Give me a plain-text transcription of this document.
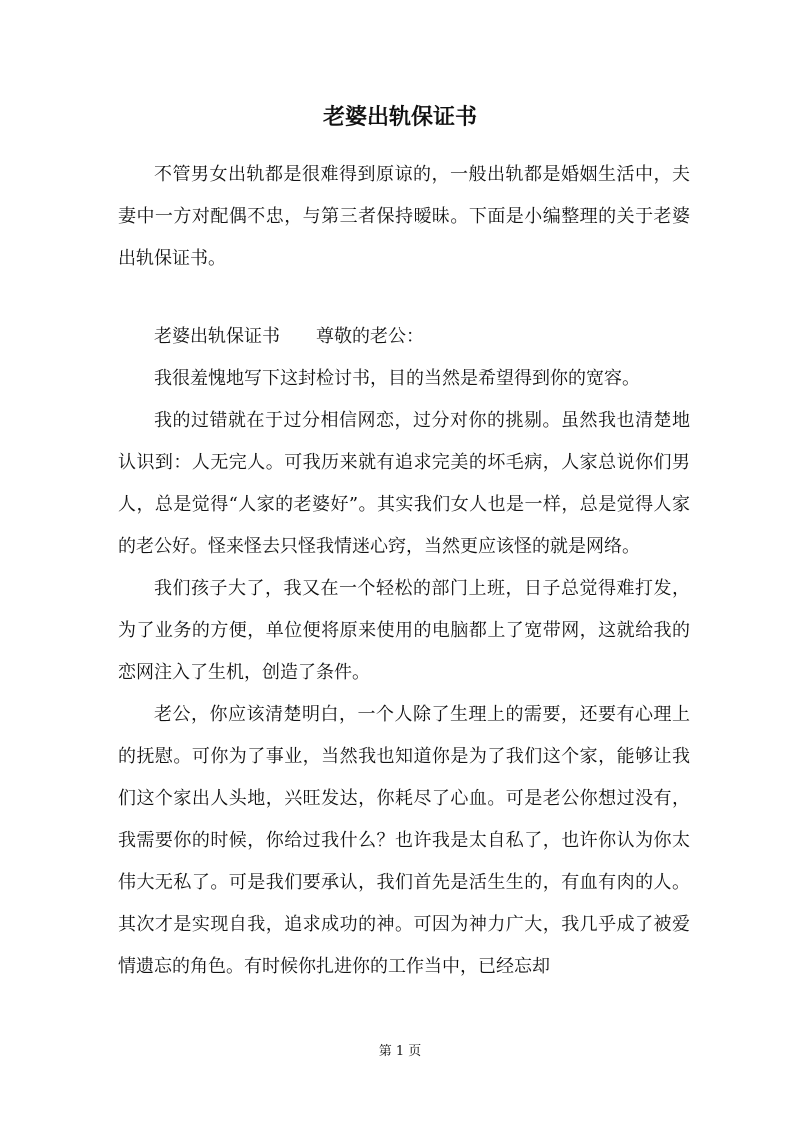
老婆出轨保证书

不管男女出轨都是很难得到原谅的，一般出轨都是婚姻生活中，夫妻中一方对配偶不忠，与第三者保持暧昧。下面是小编整理的关于老婆出轨保证书。

老婆出轨保证书 尊敬的老公：

我很羞愧地写下这封检讨书，目的当然是希望得到你的宽容。

我的过错就在于过分相信网恋，过分对你的挑剔。虽然我也清楚地认识到：人无完人。可我历来就有追求完美的坏毛病，人家总说你们男人，总是觉得“人家的老婆好”。其实我们女人也是一样，总是觉得人家的老公好。怪来怪去只怪我情迷心窍，当然更应该怪的就是网络。

我们孩子大了，我又在一个轻松的部门上班，日子总觉得难打发，为了业务的方便，单位便将原来使用的电脑都上了宽带网，这就给我的恋网注入了生机，创造了条件。

老公，你应该清楚明白，一个人除了生理上的需要，还要有心理上的抚慰。可你为了事业，当然我也知道你是为了我们这个家，能够让我们这个家出人头地，兴旺发达，你耗尽了心血。可是老公你想过没有，我需要你的时候，你给过我什么？也许我是太自私了，也许你认为你太伟大无私了。可是我们要承认，我们首先是活生生的，有血有肉的人。其次才是实现自我，追求成功的神。可因为神力广大，我几乎成了被爱情遗忘的角色。有时候你扎进你的工作当中，已经忘却

第 1 页
